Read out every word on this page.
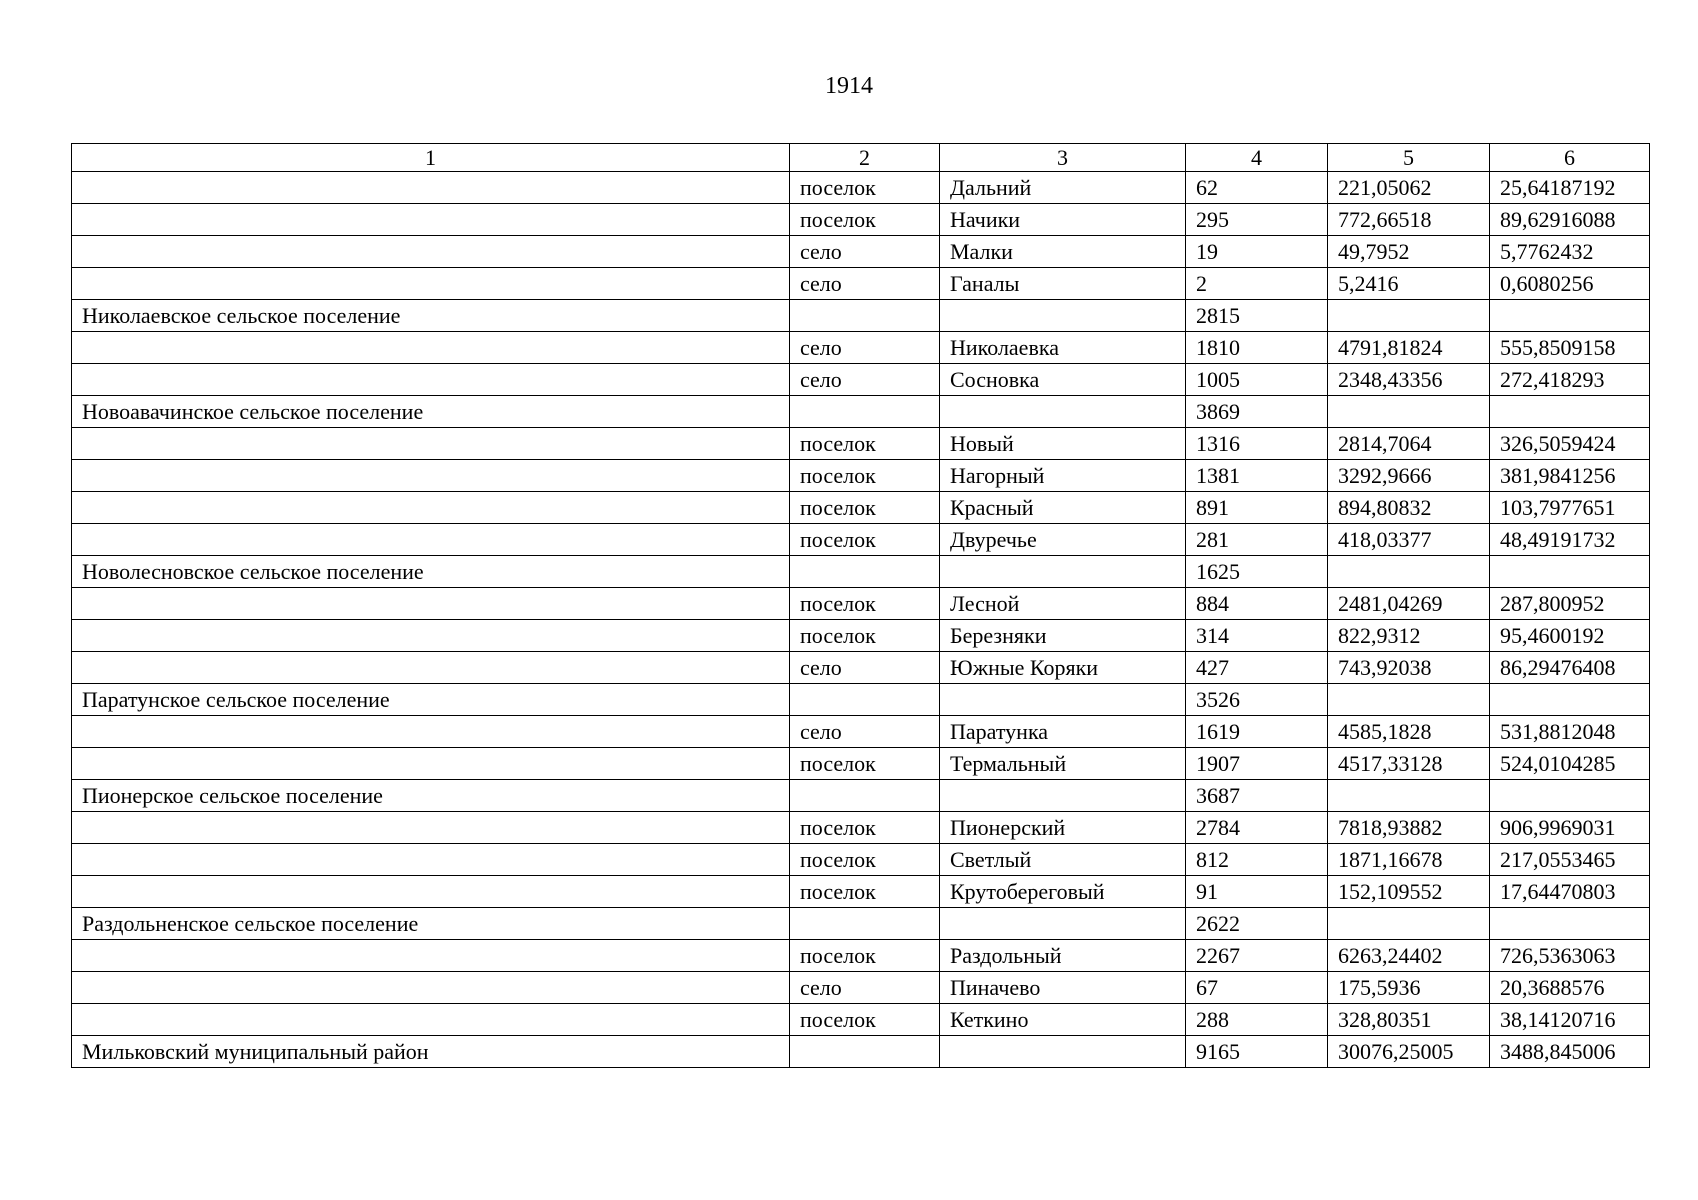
1914
1	2	3	4	5	6
	поселок	Дальний	62	221,05062	25,64187192
	поселок	Начики	295	772,66518	89,62916088
	село	Малки	19	49,7952	5,7762432
	село	Ганалы	2	5,2416	0,6080256
Николаевское сельское поселение			2815		
	село	Николаевка	1810	4791,81824	555,8509158
	село	Сосновка	1005	2348,43356	272,418293
Новоавачинское сельское поселение			3869		
	поселок	Новый	1316	2814,7064	326,5059424
	поселок	Нагорный	1381	3292,9666	381,9841256
	поселок	Красный	891	894,80832	103,7977651
	поселок	Двуречье	281	418,03377	48,49191732
Новолесновское сельское поселение			1625		
	поселок	Лесной	884	2481,04269	287,800952
	поселок	Березняки	314	822,9312	95,4600192
	село	Южные Коряки	427	743,92038	86,29476408
Паратунское сельское поселение			3526		
	село	Паратунка	1619	4585,1828	531,8812048
	поселок	Термальный	1907	4517,33128	524,0104285
Пионерское сельское поселение			3687		
	поселок	Пионерский	2784	7818,93882	906,9969031
	поселок	Светлый	812	1871,16678	217,0553465
	поселок	Крутобереговый	91	152,109552	17,64470803
Раздольненское сельское поселение			2622		
	поселок	Раздольный	2267	6263,24402	726,5363063
	село	Пиначево	67	175,5936	20,3688576
	поселок	Кеткино	288	328,80351	38,14120716
Мильковский муниципальный район			9165	30076,25005	3488,845006
